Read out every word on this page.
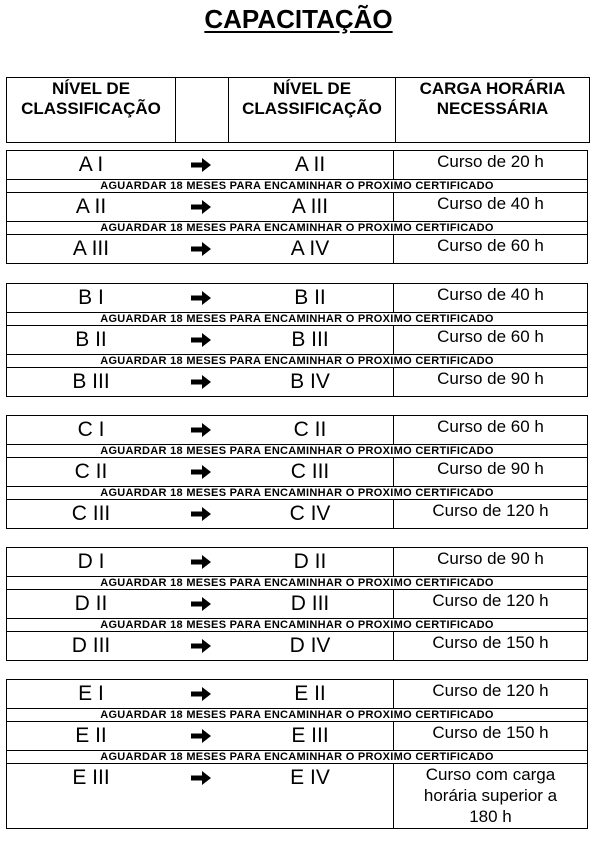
CAPACITAÇÃO
NÍVEL DE CLASSIFICAÇÃO		NÍVEL DE CLASSIFICAÇÃO	CARGA HORÁRIA NECESSÁRIA
A I		A II	Curso de 20 h
AGUARDAR 18 MESES PARA ENCAMINHAR O PROXIMO CERTIFICADO			

A II		A III	Curso de 40 h
AGUARDAR 18 MESES PARA ENCAMINHAR O PROXIMO CERTIFICADO			

A III		A IV	Curso de 60 h
B I		B II	Curso de 40 h
AGUARDAR 18 MESES PARA ENCAMINHAR O PROXIMO CERTIFICADO			

B II		B III	Curso de 60 h
AGUARDAR 18 MESES PARA ENCAMINHAR O PROXIMO CERTIFICADO			

B III		B IV	Curso de 90 h
C I		C II	Curso de 60 h
AGUARDAR 18 MESES PARA ENCAMINHAR O PROXIMO CERTIFICADO			

C II		C III	Curso de 90 h
AGUARDAR 18 MESES PARA ENCAMINHAR O PROXIMO CERTIFICADO			

C III		C IV	Curso de 120 h
D I		D II	Curso de 90 h
AGUARDAR 18 MESES PARA ENCAMINHAR O PROXIMO CERTIFICADO			

D II		D III	Curso de 120 h
AGUARDAR 18 MESES PARA ENCAMINHAR O PROXIMO CERTIFICADO			

D III		D IV	Curso de 150 h
E I		E II	Curso de 120 h
AGUARDAR 18 MESES PARA ENCAMINHAR O PROXIMO CERTIFICADO			

E II		E III	Curso de 150 h
AGUARDAR 18 MESES PARA ENCAMINHAR O PROXIMO CERTIFICADO			

E III		E IV	Curso com carga horária superior a 180 h
